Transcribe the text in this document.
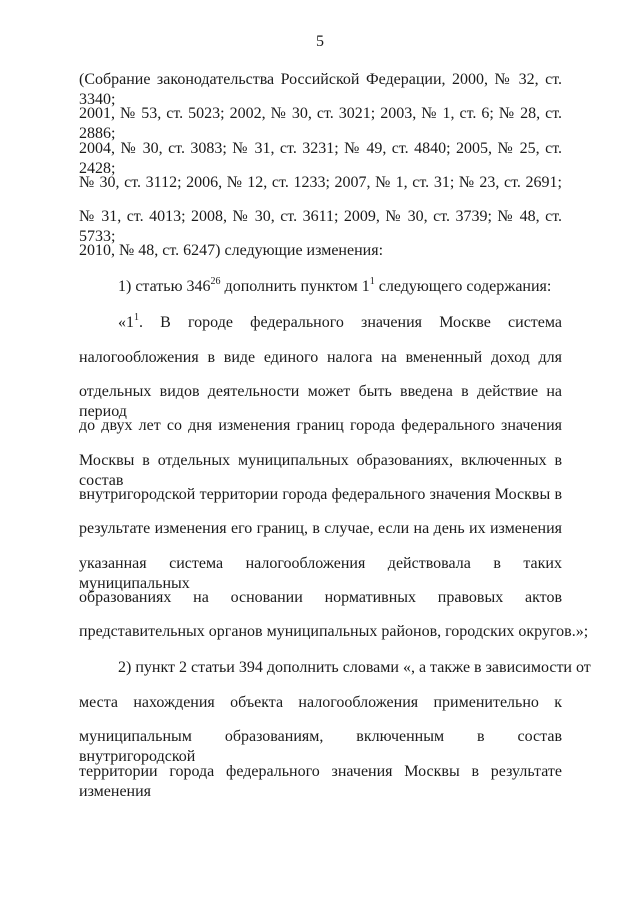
5
(Собрание законодательства Российской Федерации, 2000, № 32, ст. 3340;
2001, № 53, ст. 5023; 2002, № 30, ст. 3021; 2003, № 1, ст. 6; № 28, ст. 2886;
2004, № 30, ст. 3083; № 31, ст. 3231; № 49, ст. 4840; 2005, № 25, ст. 2428;
№ 30, ст. 3112; 2006, № 12, ст. 1233; 2007, № 1, ст. 31; № 23, ст. 2691;
№ 31, ст. 4013; 2008, № 30, ст. 3611; 2009, № 30, ст. 3739; № 48, ст. 5733;
2010, № 48, ст. 6247) следующие изменения:
1) статью $346^{26}$ дополнить пунктом $1^1$ следующего содержания:
«$1^1$. В городе федерального значения Москве система
налогообложения в виде единого налога на вмененный доход для
отдельных видов деятельности может быть введена в действие на период
до двух лет со дня изменения границ города федерального значения
Москвы в отдельных муниципальных образованиях, включенных в состав
внутригородской территории города федерального значения Москвы в
результате изменения его границ, в случае, если на день их изменения
указанная система налогообложения действовала в таких муниципальных
образованиях на основании нормативных правовых актов
представительных органов муниципальных районов, городских округов.»;
2) пункт 2 статьи 394 дополнить словами «, а также в зависимости от
места нахождения объекта налогообложения применительно к
муниципальным образованиям, включенным в состав внутригородской
территории города федерального значения Москвы в результате изменения
